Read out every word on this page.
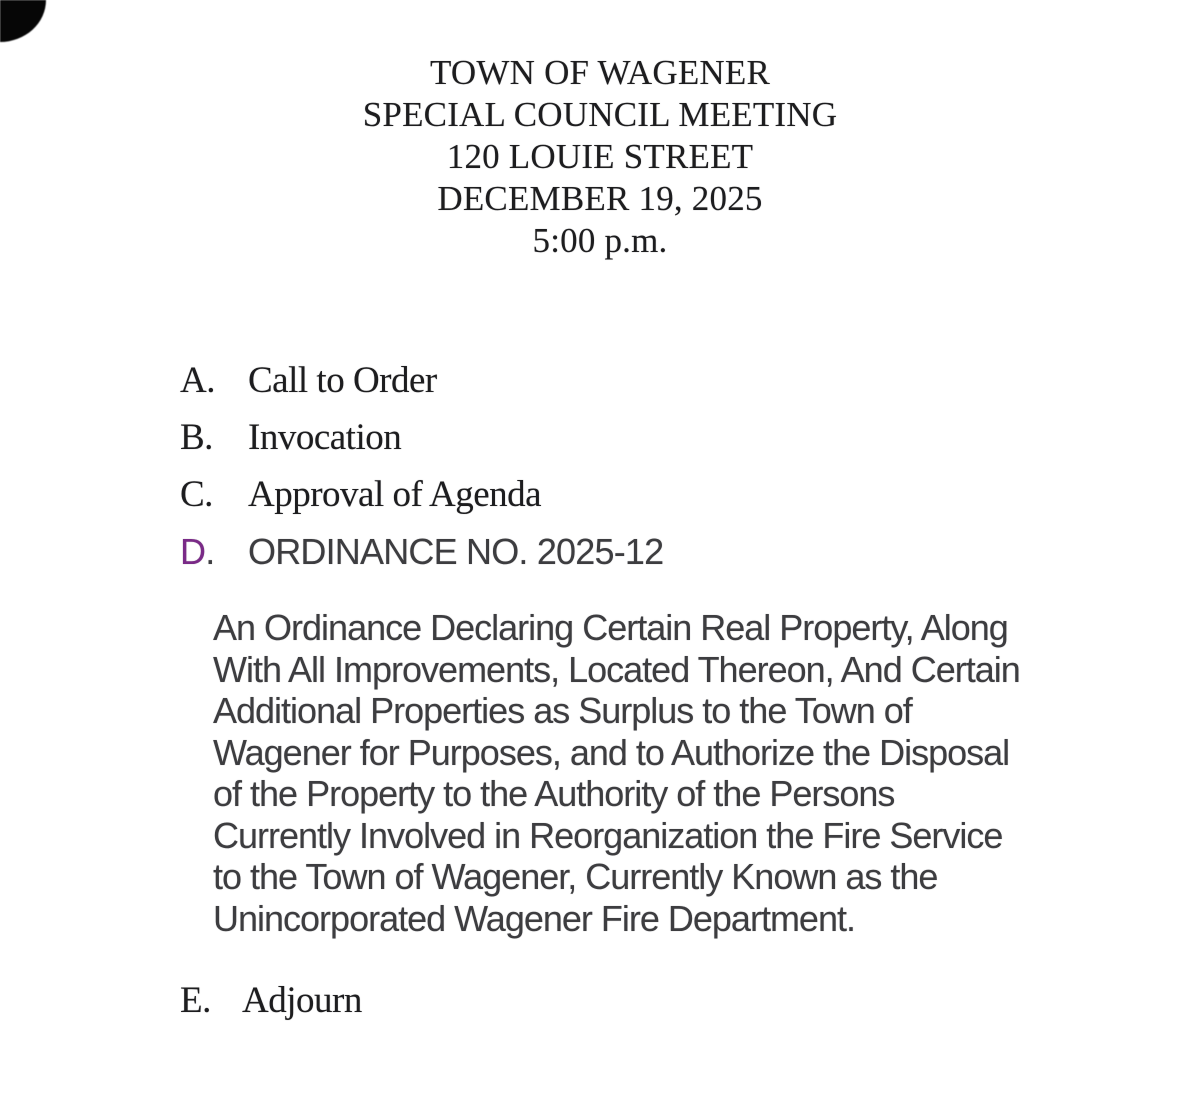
TOWN OF WAGENER
SPECIAL COUNCIL MEETING
120 LOUIE STREET
DECEMBER 19, 2025
5:00 p.m.
A. Call to Order
B. Invocation
C. Approval of Agenda
D. ORDINANCE NO. 2025-12
An Ordinance Declaring Certain Real Property, Along
With All Improvements, Located Thereon, And Certain
Additional Properties as Surplus to the Town of
Wagener for Purposes, and to Authorize the Disposal
of the Property to the Authority of the Persons
Currently Involved in Reorganization the Fire Service
to the Town of Wagener, Currently Known as the
Unincorporated Wagener Fire Department.
E. Adjourn
